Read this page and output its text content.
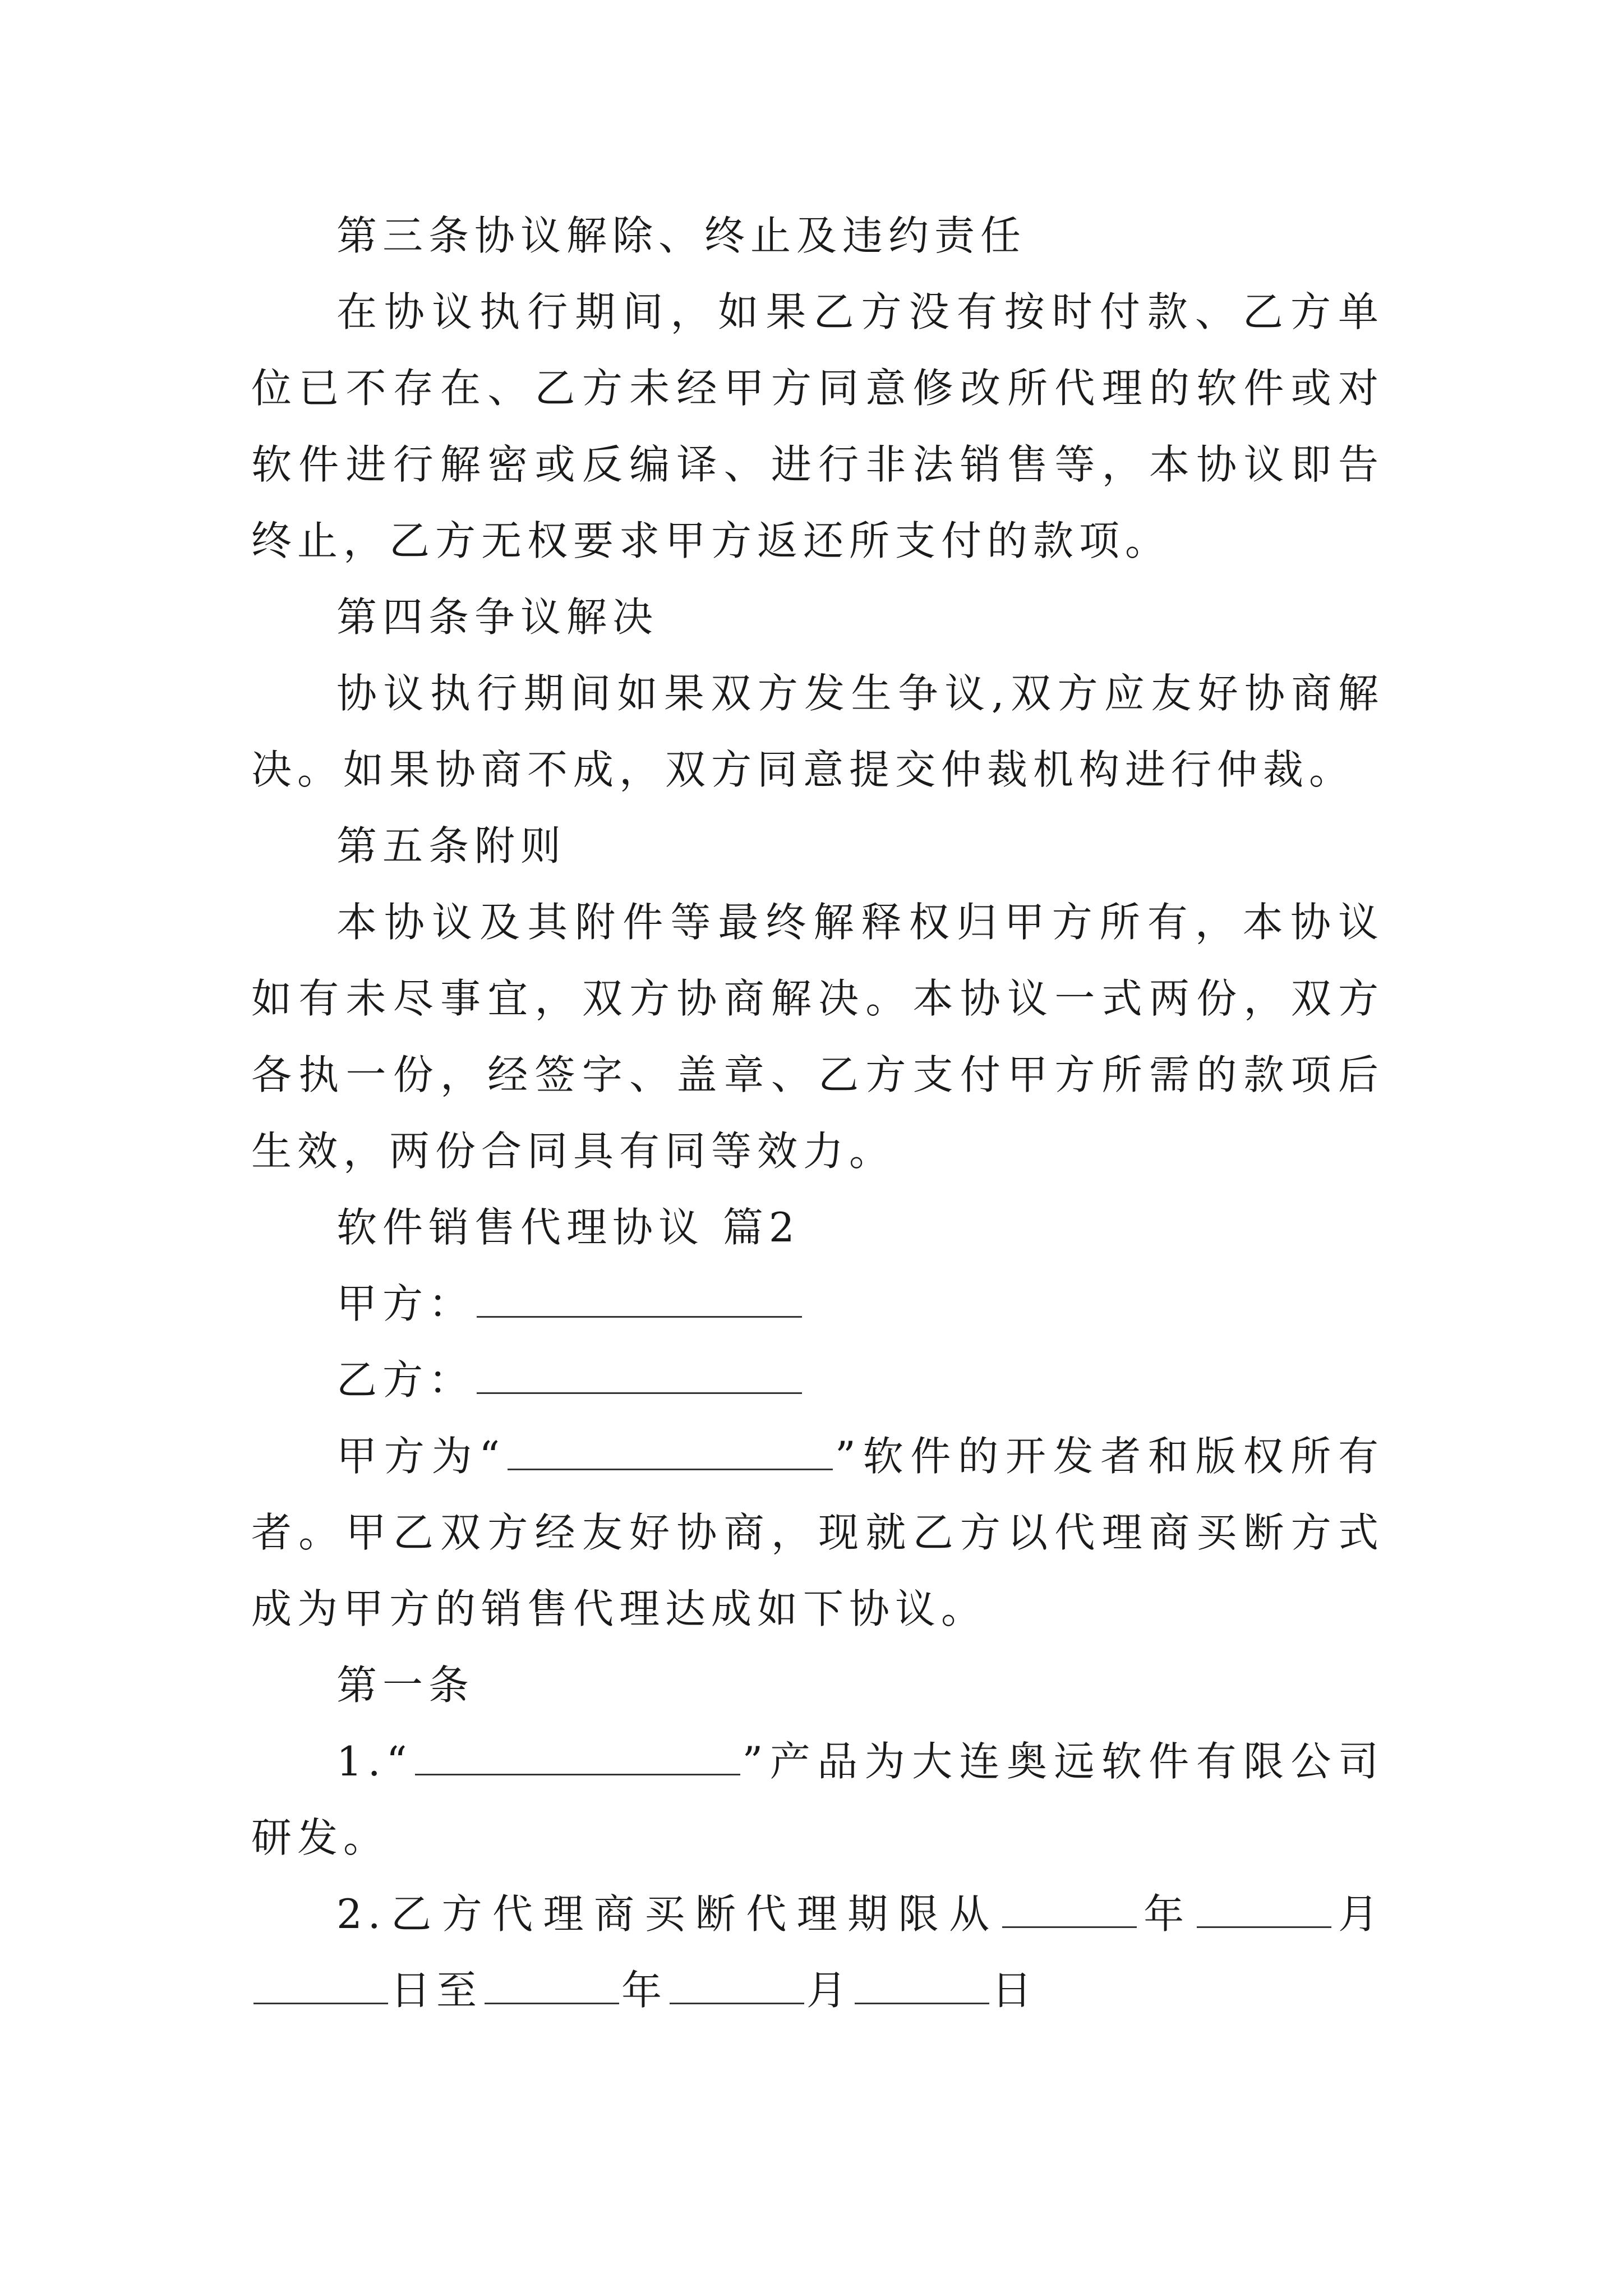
第三条协议解除、终止及违约责任

在协议执行期间，如果乙方没有按时付款、乙方单位已不存在、乙方未经甲方同意修改所代理的软件或对软件进行解密或反编译、进行非法销售等，本协议即告终止，乙方无权要求甲方返还所支付的款项。

第四条争议解决

协议执行期间如果双方发生争议,双方应友好协商解决。如果协商不成，双方同意提交仲裁机构进行仲裁。

第五条附则

本协议及其附件等最终解释权归甲方所有，本协议如有未尽事宜，双方协商解决。本协议一式两份，双方各执一份，经签字、盖章、乙方支付甲方所需的款项后生效，两份合同具有同等效力。

软件销售代理协议 篇2

甲方：

乙方：

甲方为“	”软件的开发者和版权所有者。甲乙双方经友好协商，现就乙方以代理商买断方式成为甲方的销售代理达成如下协议。

第一条

1.“	”产品为大连奥远软件有限公司研发。

2.乙方代理商买断代理期限从	年	月日至	年	月	日
